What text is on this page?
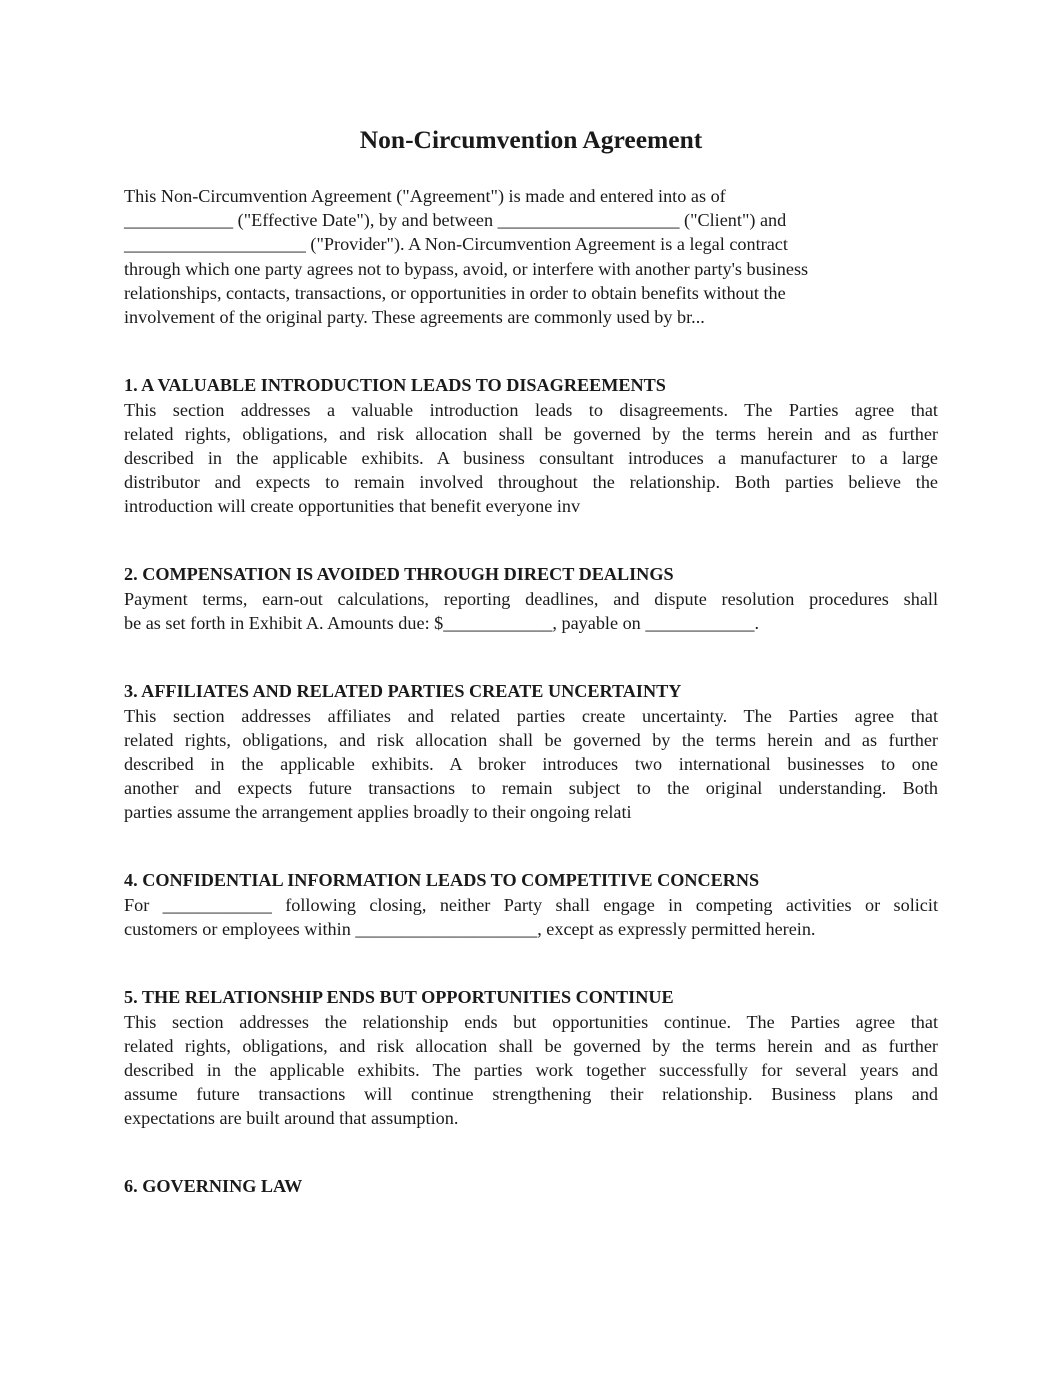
Non-Circumvention Agreement

This Non-Circumvention Agreement ("Agreement") is made and entered into as of
____________ ("Effective Date"), by and between ____________________ ("Client") and
____________________ ("Provider"). A Non-Circumvention Agreement is a legal contract
through which one party agrees not to bypass, avoid, or interfere with another party's business
relationships, contacts, transactions, or opportunities in order to obtain benefits without the
involvement of the original party. These agreements are commonly used by br...

1. A VALUABLE INTRODUCTION LEADS TO DISAGREEMENTS

This section addresses a valuable introduction leads to disagreements. The Parties agree that
related rights, obligations, and risk allocation shall be governed by the terms herein and as further
described in the applicable exhibits. A business consultant introduces a manufacturer to a large
distributor and expects to remain involved throughout the relationship. Both parties believe the
introduction will create opportunities that benefit everyone inv

2. COMPENSATION IS AVOIDED THROUGH DIRECT DEALINGS

Payment terms, earn-out calculations, reporting deadlines, and dispute resolution procedures shall
be as set forth in Exhibit A. Amounts due: $____________, payable on ____________.

3. AFFILIATES AND RELATED PARTIES CREATE UNCERTAINTY

This section addresses affiliates and related parties create uncertainty. The Parties agree that
related rights, obligations, and risk allocation shall be governed by the terms herein and as further
described in the applicable exhibits. A broker introduces two international businesses to one
another and expects future transactions to remain subject to the original understanding. Both
parties assume the arrangement applies broadly to their ongoing relati

4. CONFIDENTIAL INFORMATION LEADS TO COMPETITIVE CONCERNS

For ____________ following closing, neither Party shall engage in competing activities or solicit
customers or employees within ____________________, except as expressly permitted herein.

5. THE RELATIONSHIP ENDS BUT OPPORTUNITIES CONTINUE

This section addresses the relationship ends but opportunities continue. The Parties agree that
related rights, obligations, and risk allocation shall be governed by the terms herein and as further
described in the applicable exhibits. The parties work together successfully for several years and
assume future transactions will continue strengthening their relationship. Business plans and
expectations are built around that assumption.

6. GOVERNING LAW
